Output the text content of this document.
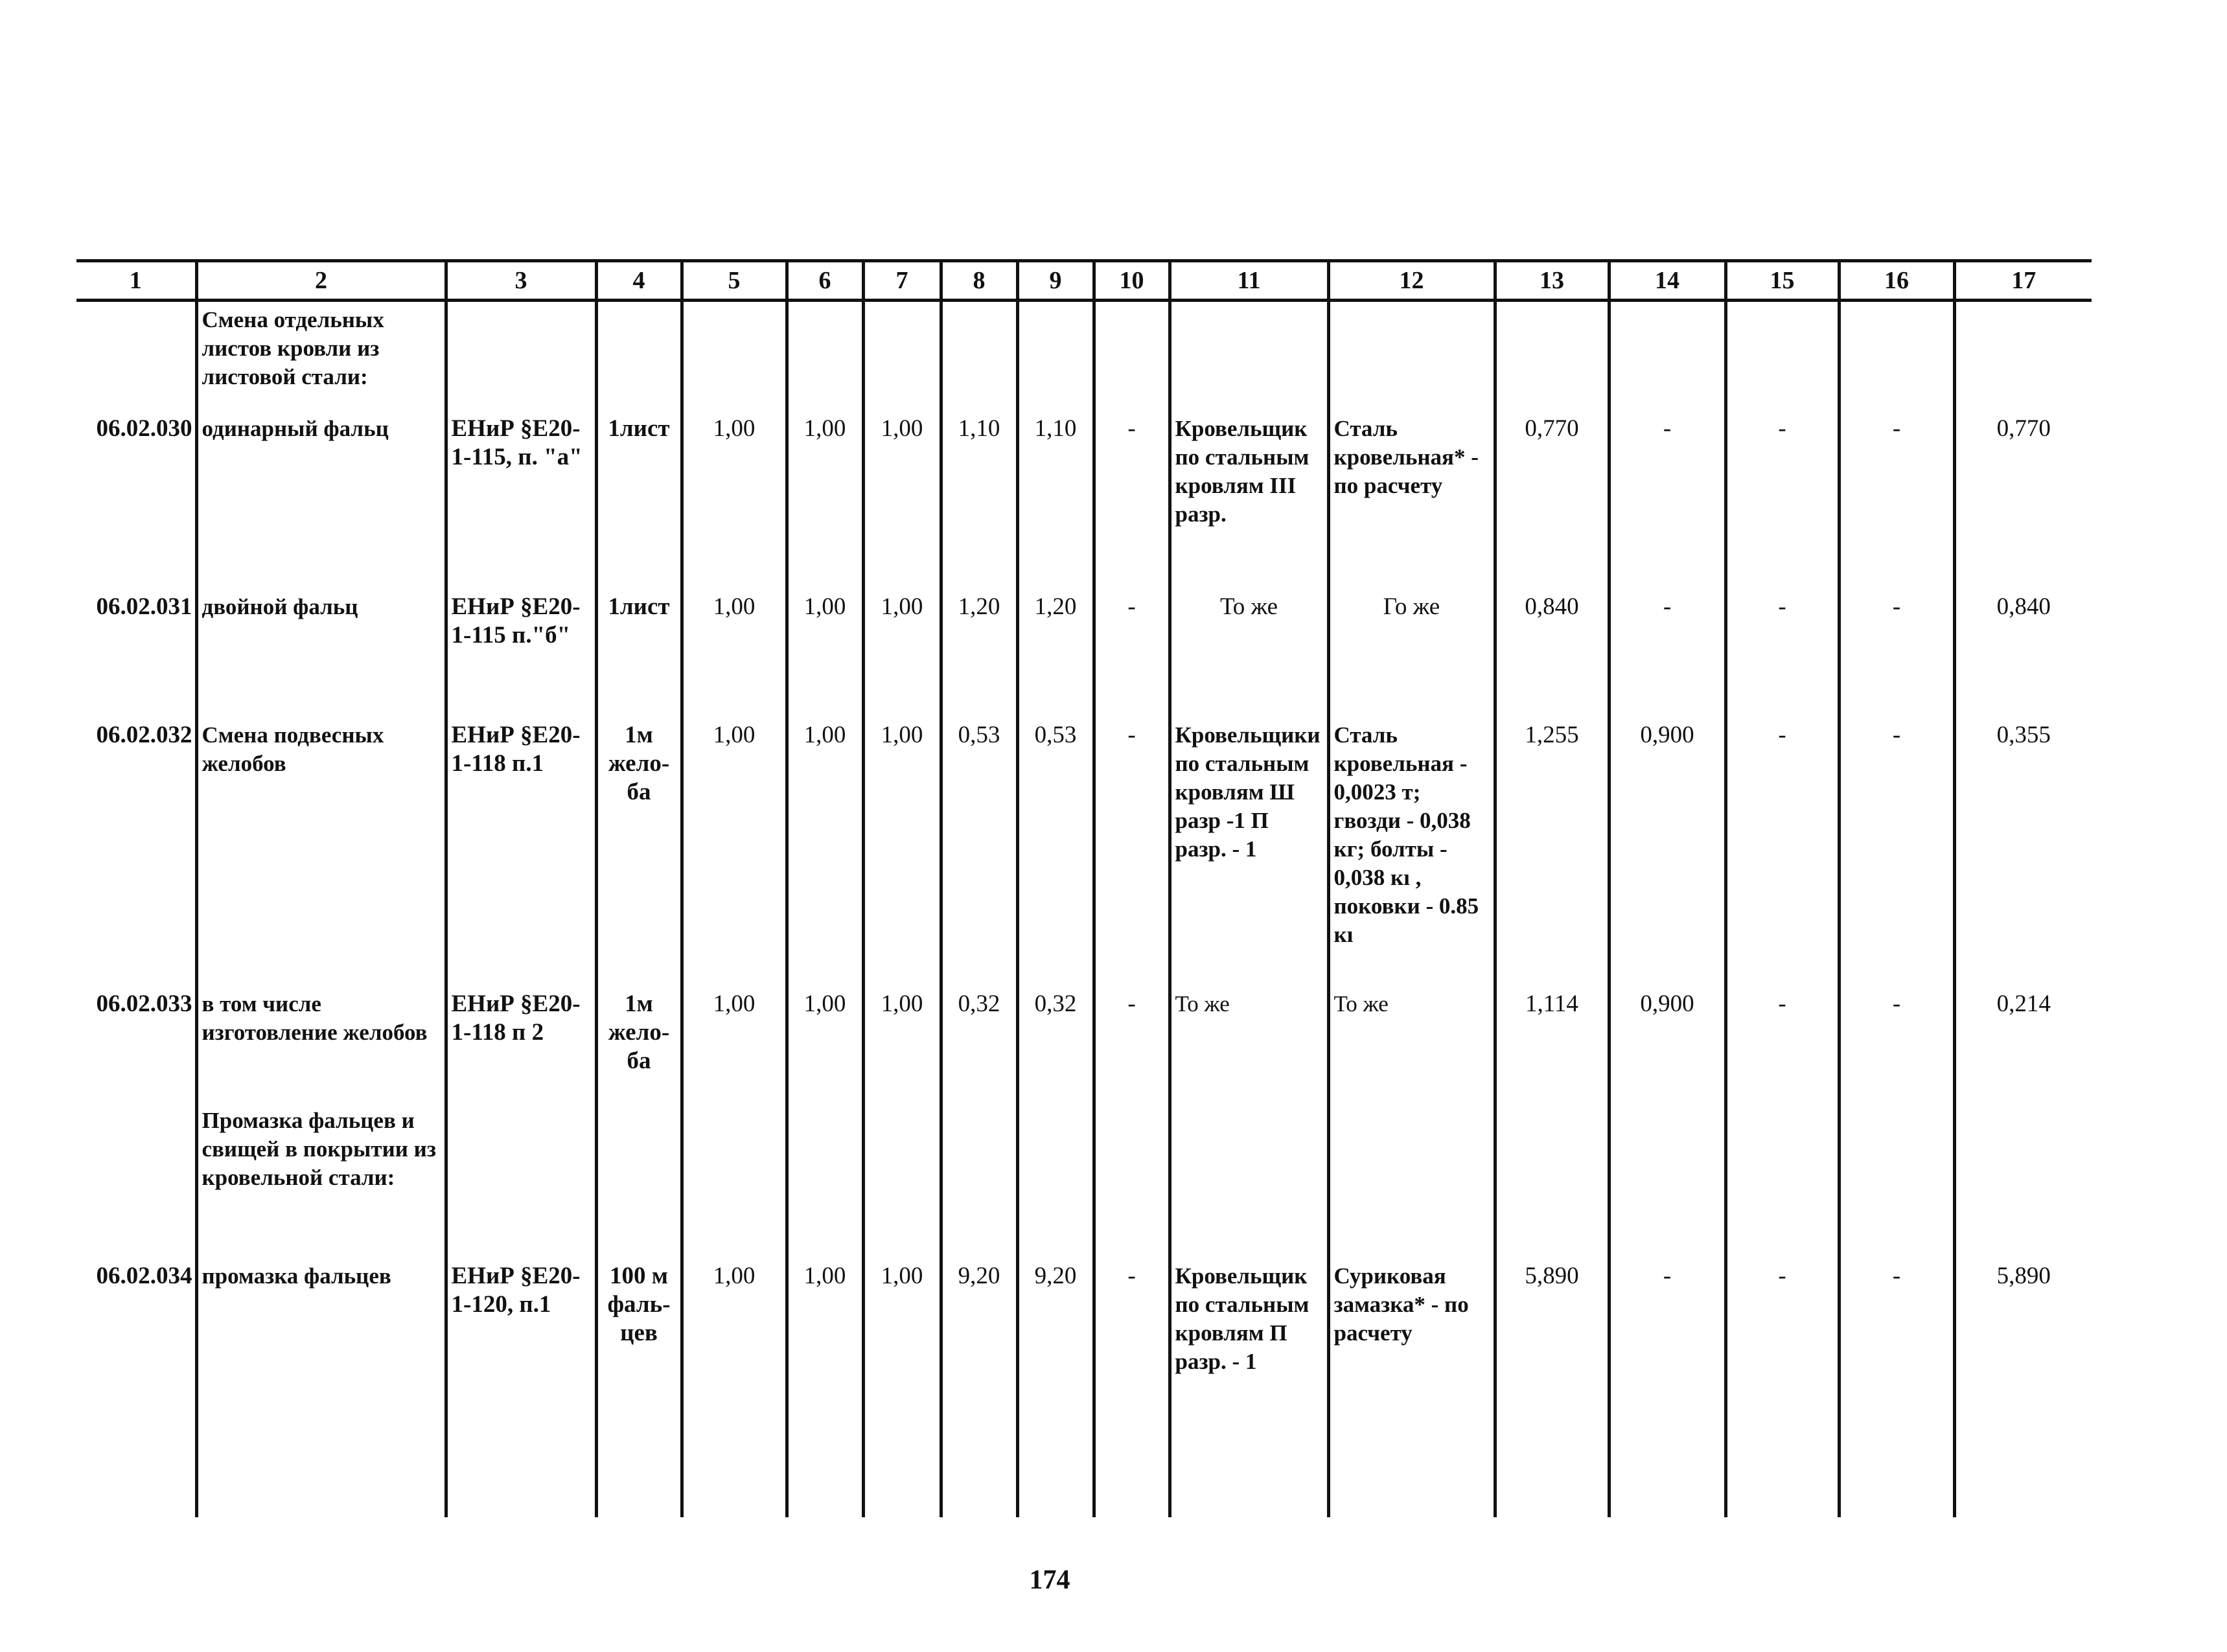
1	2	3	4	5	6	7	8	9	10	11	12	13	14	15	16	17
	Смена отдельных листов кровли из листовой стали:															
06.02.030	одинарный фальц	ЕНиР §Е20-1-115, п. "а"	1лист	1,00	1,00	1,00	1,10	1,10	-	Кровельщик по стальным кровлям III разр.	Сталь кровельная* - по расчету	0,770	-	-	-	0,770
06.02.031	двойной фальц	ЕНиР §Е20-1-115 п."б"	1лист	1,00	1,00	1,00	1,20	1,20	-	То же	Го же	0,840	-	-	-	0,840
06.02.032	Смена подвесных желобов	ЕНиР §Е20-1-118 п.1	1м жело-ба	1,00	1,00	1,00	0,53	0,53	-	Кровельщики по стальным кровлям Ш разр -1 П разр. - 1	Сталь кровельная - 0,0023 т; гвозди - 0,038 кг; болты - 0,038 кı , поковки - 0.85 кı	1,255	0,900	-	-	0,355
06.02.033	в том числе изготовление желобов	ЕНиР §Е20-1-118 п 2	1м жело-ба	1,00	1,00	1,00	0,32	0,32	-	То же	То же	1,114	0,900	-	-	0,214
	Промазка фальцев и свищей в покрытии из кровельной стали:															
06.02.034	промазка фальцев	ЕНиР §Е20-1-120, п.1	100 м фаль-цев	1,00	1,00	1,00	9,20	9,20	-	Кровельщик по стальным кровлям П разр. - 1	Суриковая замазка* - по расчету	5,890	-	-	-	5,890
174
